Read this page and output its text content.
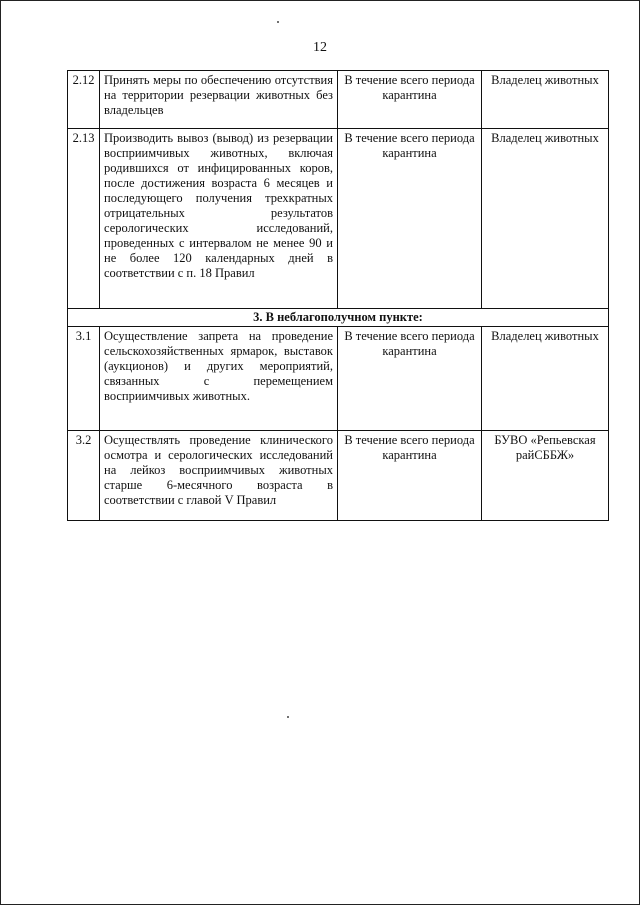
12
2.12	Принять меры по обеспечению отсутствия на территории резервации животных без владельцев	В течение всего периода карантина	Владелец животных
2.13	Производить вывоз (вывод) из резервации восприимчивых животных, включая родившихся от инфицированных коров, после достижения возраста 6 месяцев и последующего получения трехкратных отрицательных результатов серологических исследований, проведенных с интервалом не менее 90 и не более 120 календарных дней в соответствии с п. 18 Правил	В течение всего периода карантина	Владелец животных
3. В неблагополучном пункте:			
3.1	Осуществление запрета на проведение сельскохозяйственных ярмарок, выставок (аукционов) и других мероприятий, связанных с перемещением восприимчивых животных.	В течение всего периода карантина	Владелец животных
3.2	Осуществлять проведение клинического осмотра и серологических исследований на лейкоз восприимчивых животных старше 6-месячного возраста в соответствии с главой V Правил	В течение всего периода карантина	БУВО «Репьевская райСББЖ»
